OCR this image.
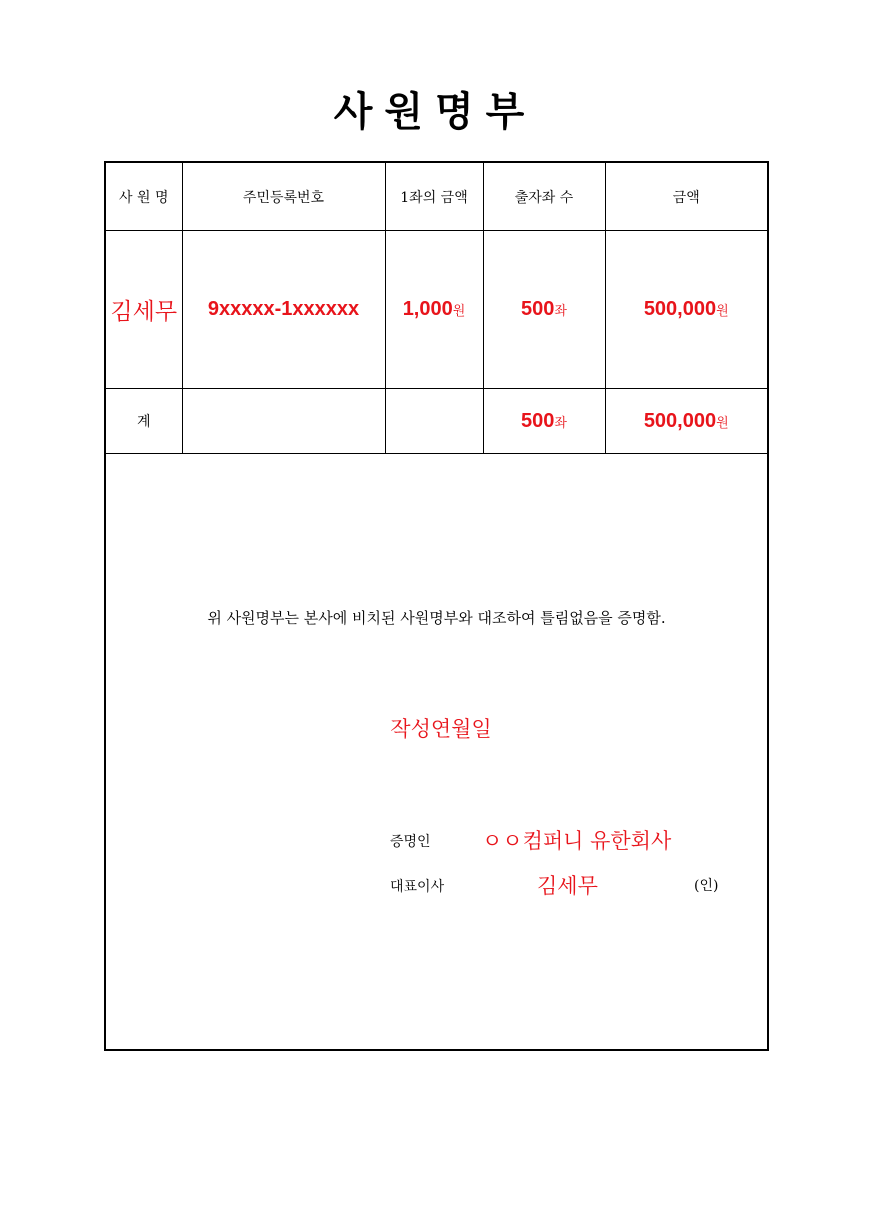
사원명부
사 원 명	주민등록번호	1좌의 금액	출자좌 수	금액
김세무	9xxxxx-1xxxxxx	1,000원	500좌	500,000원
계			500좌	500,000원
위 사원명부는 본사에 비치된 사원명부와 대조하여 틀림없음을 증명함.
작성연월일
증명인 ㅇㅇ컴퍼니 유한회사
대표이사	김세무	(인)
